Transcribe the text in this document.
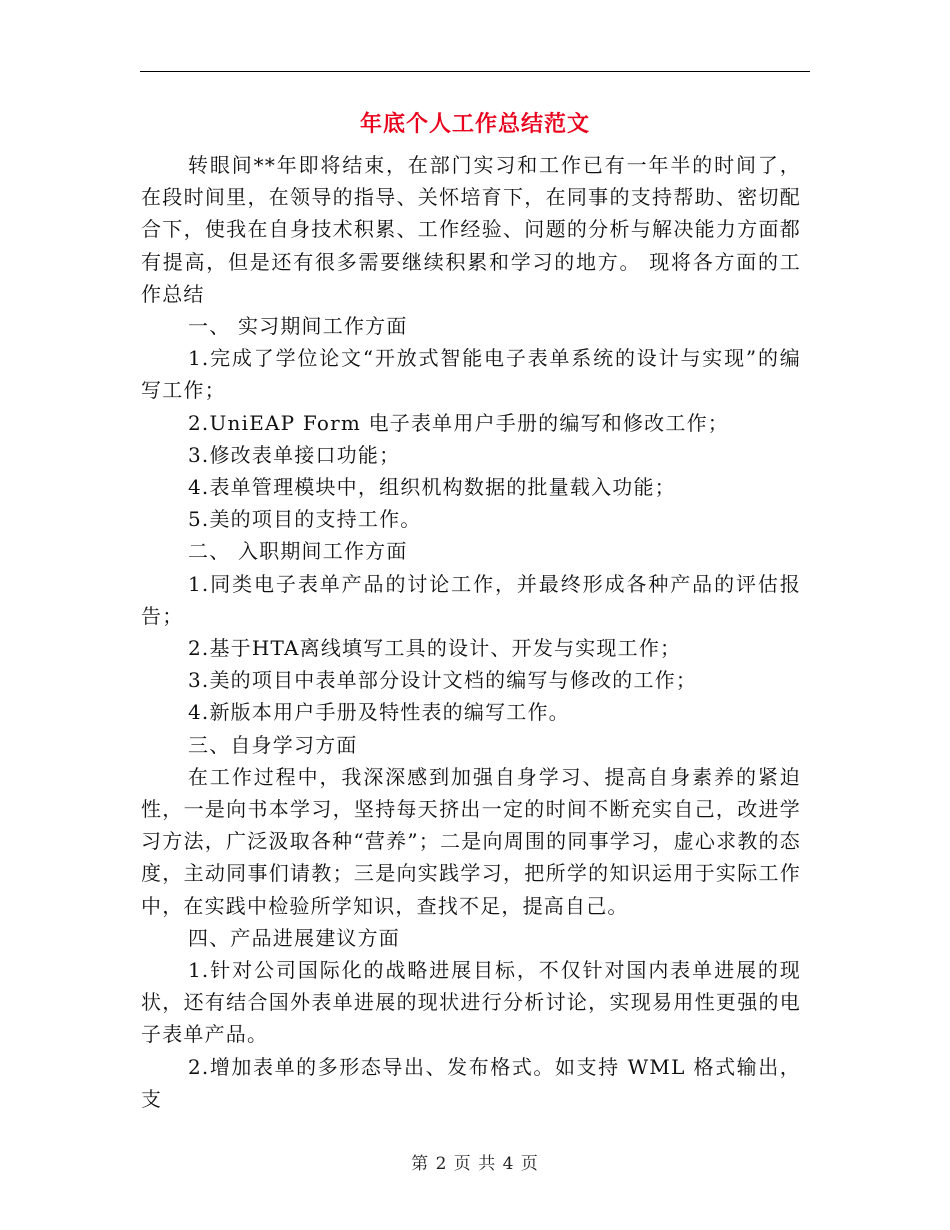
年底个人工作总结范文

转眼间**年即将结束，在部门实习和工作已有一年半的时间了，在段时间里，在领导的指导、关怀培育下，在同事的支持帮助、密切配合下，使我在自身技术积累、工作经验、问题的分析与解决能力方面都有提高，但是还有很多需要继续积累和学习的地方。 现将各方面的工作总结

一、 实习期间工作方面

1.完成了学位论文“开放式智能电子表单系统的设计与实现”的编写工作；

2.UniEAP Form 电子表单用户手册的编写和修改工作；

3.修改表单接口功能；

4.表单管理模块中，组织机构数据的批量载入功能；

5.美的项目的支持工作。

二、 入职期间工作方面

1.同类电子表单产品的讨论工作，并最终形成各种产品的评估报告；

2.基于HTA离线填写工具的设计、开发与实现工作；

3.美的项目中表单部分设计文档的编写与修改的工作；

4.新版本用户手册及特性表的编写工作。

三、自身学习方面

在工作过程中，我深深感到加强自身学习、提高自身素养的紧迫性，一是向书本学习，坚持每天挤出一定的时间不断充实自己，改进学习方法，广泛汲取各种“营养”；二是向周围的同事学习，虚心求教的态度，主动同事们请教；三是向实践学习，把所学的知识运用于实际工作中，在实践中检验所学知识，查找不足，提高自己。

四、产品进展建议方面

1.针对公司国际化的战略进展目标，不仅针对国内表单进展的现状，还有结合国外表单进展的现状进行分析讨论，实现易用性更强的电子表单产品。

2.增加表单的多形态导出、发布格式。如支持 WML 格式输出，支

第 2 页 共 4 页
